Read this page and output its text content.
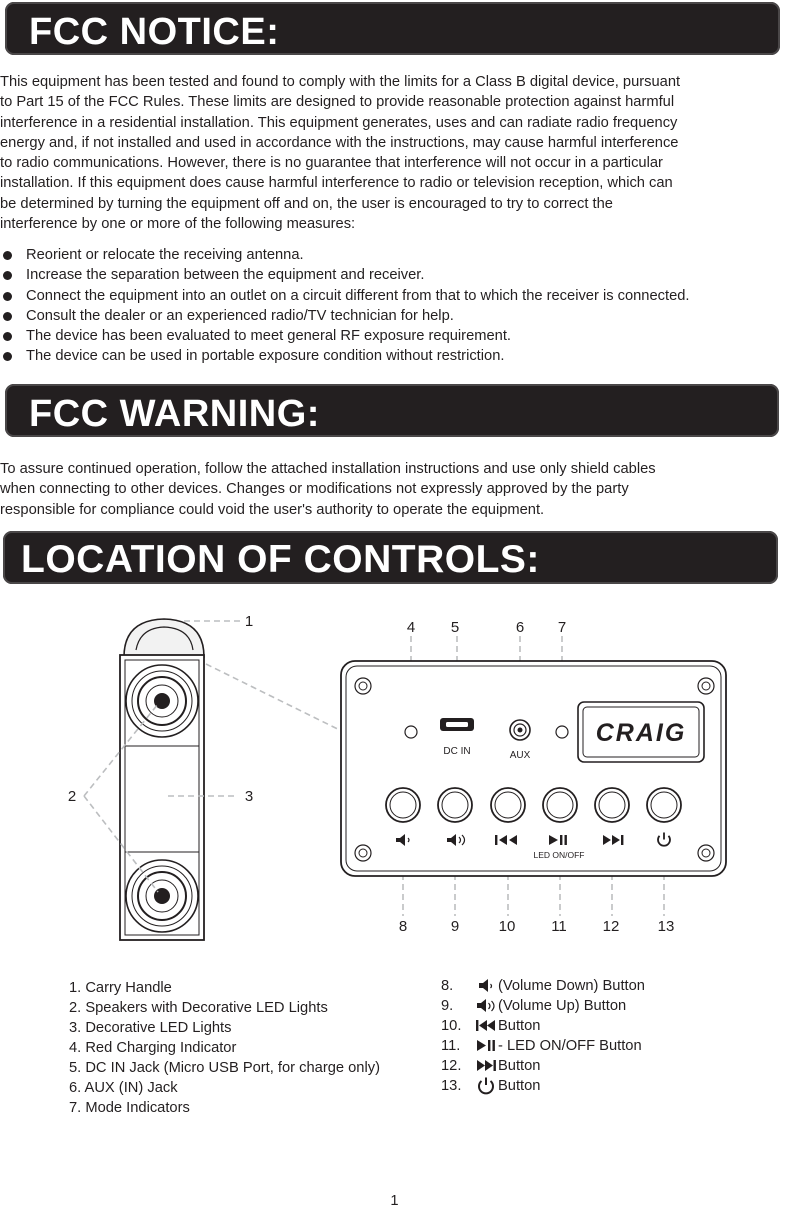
FCC NOTICE:

This equipment has been tested and found to comply with the limits for a Class B digital device, pursuant
to Part 15 of the FCC Rules. These limits are designed to provide reasonable protection against harmful
interference in a residential installation. This equipment generates, uses and can radiate radio frequency
energy and, if not installed and used in accordance with the instructions, may cause harmful interference
to radio communications. However, there is no guarantee that interference will not occur in a particular
installation. If this equipment does cause harmful interference to radio or television reception, which can
be determined by turning the equipment off and on, the user is encouraged to try to correct the
interference by one or more of the following measures:

Reorient or relocate the receiving antenna.
Increase the separation between the equipment and receiver.
Connect the equipment into an outlet on a circuit different from that to which the receiver is connected.
Consult the dealer or an experienced radio/TV technician for help.
The device has been evaluated to meet general RF exposure requirement.
The device can be used in portable exposure condition without restriction.
FCC WARNING:

To assure continued operation, follow the attached installation instructions and use only shield cables
when connecting to other devices. Changes or modifications not expressly approved by the party
responsible for compliance could void the user's authority to operate the equipment.

LOCATION OF CONTROLS:
1
2	3
4 5	6 7
DC IN	AUX
CRAIG
LED ON/OFF
8	9	10 11 12	13
1. Carry Handle
2. Speakers with Decorative LED Lights
3. Decorative LED Lights
4. Red Charging Indicator
5. DC IN Jack (Micro USB Port, for charge only)
6. AUX (IN) Jack
7. Mode Indicators
8.	(Volume Down) Button
9.	(Volume Up) Button
10.	Button
11.	- LED ON/OFF Button
12.	Button
13.	Button
1
